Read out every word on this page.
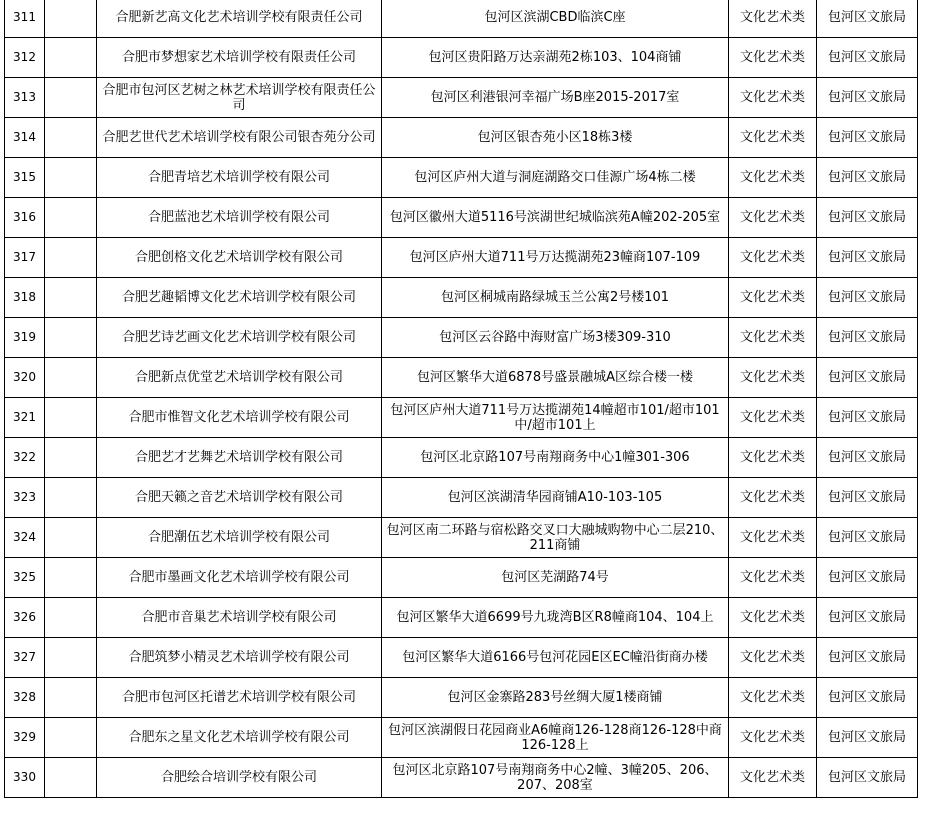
311		合肥新艺高文化艺术培训学校有限责任公司	包河区滨湖CBD临滨C座	文化艺术类	包河区文旅局
312		合肥市梦想家艺术培训学校有限责任公司	包河区贵阳路万达亲湖苑2栋103、104商铺	文化艺术类	包河区文旅局
313		合肥市包河区艺树之林艺术培训学校有限责任公司	包河区利港银河幸福广场B座2015-2017室	文化艺术类	包河区文旅局
314		合肥艺世代艺术培训学校有限公司银杏苑分公司	包河区银杏苑小区18栋3楼	文化艺术类	包河区文旅局
315		合肥青培艺术培训学校有限公司	包河区庐州大道与洞庭湖路交口佳源广场4栋二楼	文化艺术类	包河区文旅局
316		合肥蓝池艺术培训学校有限公司	包河区徽州大道5116号滨湖世纪城临滨苑A幢202-205室	文化艺术类	包河区文旅局
317		合肥创格文化艺术培训学校有限公司	包河区庐州大道711号万达揽湖苑23幢商107-109	文化艺术类	包河区文旅局
318		合肥艺趣韬博文化艺术培训学校有限公司	包河区桐城南路绿城玉兰公寓2号楼101	文化艺术类	包河区文旅局
319		合肥艺诗艺画文化艺术培训学校有限公司	包河区云谷路中海财富广场3楼309-310	文化艺术类	包河区文旅局
320		合肥新点优堂艺术培训学校有限公司	包河区繁华大道6878号盛景融城A区综合楼一楼	文化艺术类	包河区文旅局
321		合肥市惟智文化艺术培训学校有限公司	包河区庐州大道711号万达揽湖苑14幢超市101/超市101中/超市101上	文化艺术类	包河区文旅局
322		合肥艺才艺舞艺术培训学校有限公司	包河区北京路107号南翔商务中心1幢301-306	文化艺术类	包河区文旅局
323		合肥天籁之音艺术培训学校有限公司	包河区滨湖清华园商铺A10-103-105	文化艺术类	包河区文旅局
324		合肥潮伍艺术培训学校有限公司	包河区南二环路与宿松路交叉口大融城购物中心二层210、211商铺	文化艺术类	包河区文旅局
325		合肥市墨画文化艺术培训学校有限公司	包河区芜湖路74号	文化艺术类	包河区文旅局
326		合肥市音巢艺术培训学校有限公司	包河区繁华大道6699号九珑湾B区R8幢商104、104上	文化艺术类	包河区文旅局
327		合肥筑梦小精灵艺术培训学校有限公司	包河区繁华大道6166号包河花园E区EC幢沿街商办楼	文化艺术类	包河区文旅局
328		合肥市包河区托谱艺术培训学校有限公司	包河区金寨路283号丝绸大厦1楼商铺	文化艺术类	包河区文旅局
329		合肥东之星文化艺术培训学校有限公司	包河区滨湖假日花园商业A6幢商126-128商126-128中商126-128上	文化艺术类	包河区文旅局
330		合肥绘合培训学校有限公司	包河区北京路107号南翔商务中心2幢、3幢205、206、207、208室	文化艺术类	包河区文旅局
